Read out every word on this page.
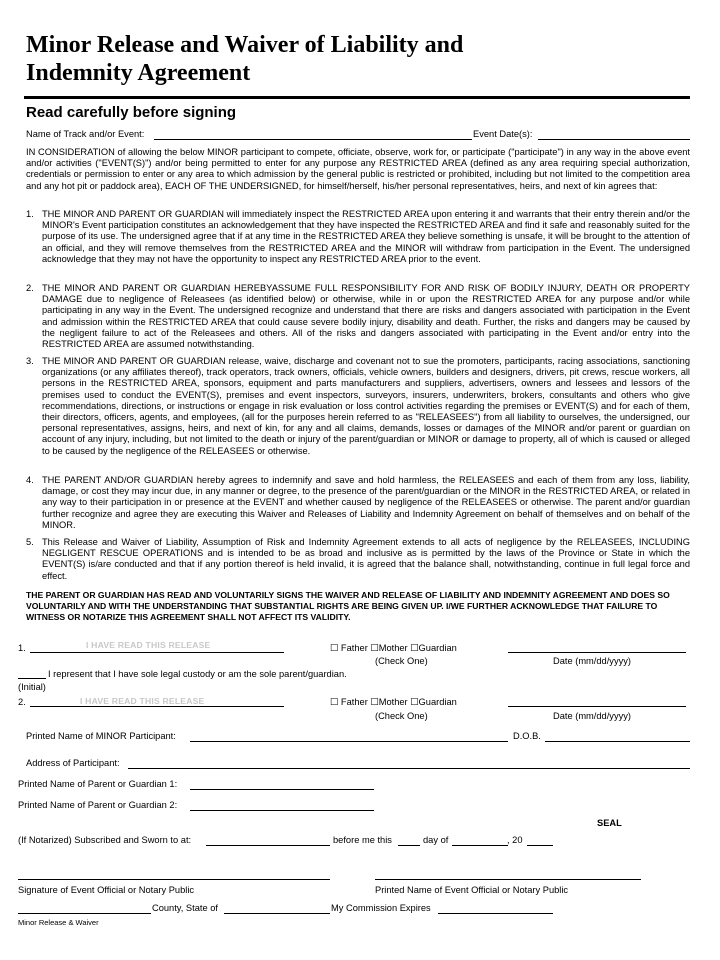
Minor Release and Waiver of Liability and
Indemnity Agreement
Read carefully before signing
Name of Track and/or Event:	Event Date(s):
IN CONSIDERATION of allowing the below MINOR participant to compete, officiate, observe, work for, or participate ("participate") in any way in the above event and/or activities ("EVENT(S)") and/or being permitted to enter for any purpose any RESTRICTED AREA (defined as any area requiring special authorization, credentials or permission to enter or any area to which admission by the general public is restricted or prohibited, including but not limited to the competition area and any hot pit or paddock area), EACH OF THE UNDERSIGNED, for himself/herself, his/her personal representatives, heirs, and next of kin agrees that:
1. THE MINOR AND PARENT OR GUARDIAN will immediately inspect the RESTRICTED AREA upon entering it and warrants that their entry therein and/or the MINOR's Event participation constitutes an acknowledgement that they have inspected the RESTRICTED AREA and find it safe and reasonably suited for the purpose of its use. The undersigned agree that if at any time in the RESTRICTED AREA they believe something is unsafe, it will be brought to the attention of an official, and they will remove themselves from the RESTRICTED AREA and the MINOR will withdraw from participation in the Event. The undersigned acknowledge that they may not have the opportunity to inspect any RESTRICTED AREA prior to the event.
2. THE MINOR AND PARENT OR GUARDIAN HEREBYASSUME FULL RESPONSIBILITY FOR AND RISK OF BODILY INJURY, DEATH OR PROPERTY DAMAGE due to negligence of Releasees (as identified below) or otherwise, while in or upon the RESTRICTED AREA for any purpose and/or while participating in any way in the Event. The undersigned recognize and understand that there are risks and dangers associated with participation in the Event and admission within the RESTRICTED AREA that could cause severe bodily injury, disability and death. Further, the risks and dangers may be caused by the negligent failure to act of the Releasees and others. All of the risks and dangers associated with participating in the Event and/or entry into the RESTRICTED AREA are assumed notwithstanding.
3. THE MINOR AND PARENT OR GUARDIAN release, waive, discharge and covenant not to sue the promoters, participants, racing associations, sanctioning organizations (or any affiliates thereof), track operators, track owners, officials, vehicle owners, builders and designers, drivers, pit crews, rescue workers, all persons in the RESTRICTED AREA, sponsors, equipment and parts manufacturers and suppliers, advertisers, owners and lessees and lessors of the premises used to conduct the EVENT(S), premises and event inspectors, surveyors, insurers, underwriters, brokers, consultants and others who give recommendations, directions, or instructions or engage in risk evaluation or loss control activities regarding the premises or EVENT(S) and for each of them, their directors, officers, agents, and employees, (all for the purposes herein referred to as "RELEASEES") from all liability to ourselves, the undersigned, our personal representatives, assigns, heirs, and next of kin, for any and all claims, demands, losses or damages of the MINOR and/or parent or guardian on account of any injury, including, but not limited to the death or injury of the parent/guardian or MINOR or damage to property, all of which is caused or alleged to be caused by the negligence of the RELEASEES or otherwise.
4. THE PARENT AND/OR GUARDIAN hereby agrees to indemnify and save and hold harmless, the RELEASEES and each of them from any loss, liability, damage, or cost they may incur due, in any manner or degree, to the presence of the parent/guardian or the MINOR in the RESTRICTED AREA, or related in any way to their participation in or presence at the EVENT and whether caused by negligence of the RELEASEES or otherwise. The parent and/or guardian further recognize and agree they are executing this Waiver and Releases of Liability and Indemnity Agreement on behalf of themselves and on behalf of the MINOR.
5. This Release and Waiver of Liability, Assumption of Risk and Indemnity Agreement extends to all acts of negligence by the RELEASEES, INCLUDING NEGLIGENT RESCUE OPERATIONS and is intended to be as broad and inclusive as is permitted by the laws of the Province or State in which the EVENT(S) is/are conducted and that if any portion thereof is held invalid, it is agreed that the balance shall, notwithstanding, continue in full legal force and effect.
THE PARENT OR GUARDIAN HAS READ AND VOLUNTARILY SIGNS THE WAIVER AND RELEASE OF LIABILITY AND INDEMNITY AGREEMENT AND DOES SO VOLUNTARILY AND WITH THE UNDERSTANDING THAT SUBSTANTIAL RIGHTS ARE BEING GIVEN UP. I/WE FURTHER ACKNOWLEDGE THAT FAILURE TO WITNESS OR NOTARIZE THIS AGREEMENT SHALL NOT AFFECT ITS VALIDITY.
1.	I HAVE READ THIS RELEASE	☐ Father ☐Mother ☐Guardian
(Check One)	Date (mm/dd/yyyy)
I represent that I have sole legal custody or am the sole parent/guardian.
(Initial)
2.	I HAVE READ THIS RELEASE	☐ Father ☐Mother ☐Guardian
(Check One)	Date (mm/dd/yyyy)
Printed Name of MINOR Participant:	D.O.B.
Address of Participant:
Printed Name of Parent or Guardian 1:
Printed Name of Parent or Guardian 2:
SEAL
(If Notarized) Subscribed and Sworn to at:	before me this	day of	, 20
Signature of Event Official or Notary Public	Printed Name of Event Official or Notary Public
County, State of	My Commission Expires
Minor Release & Waiver
